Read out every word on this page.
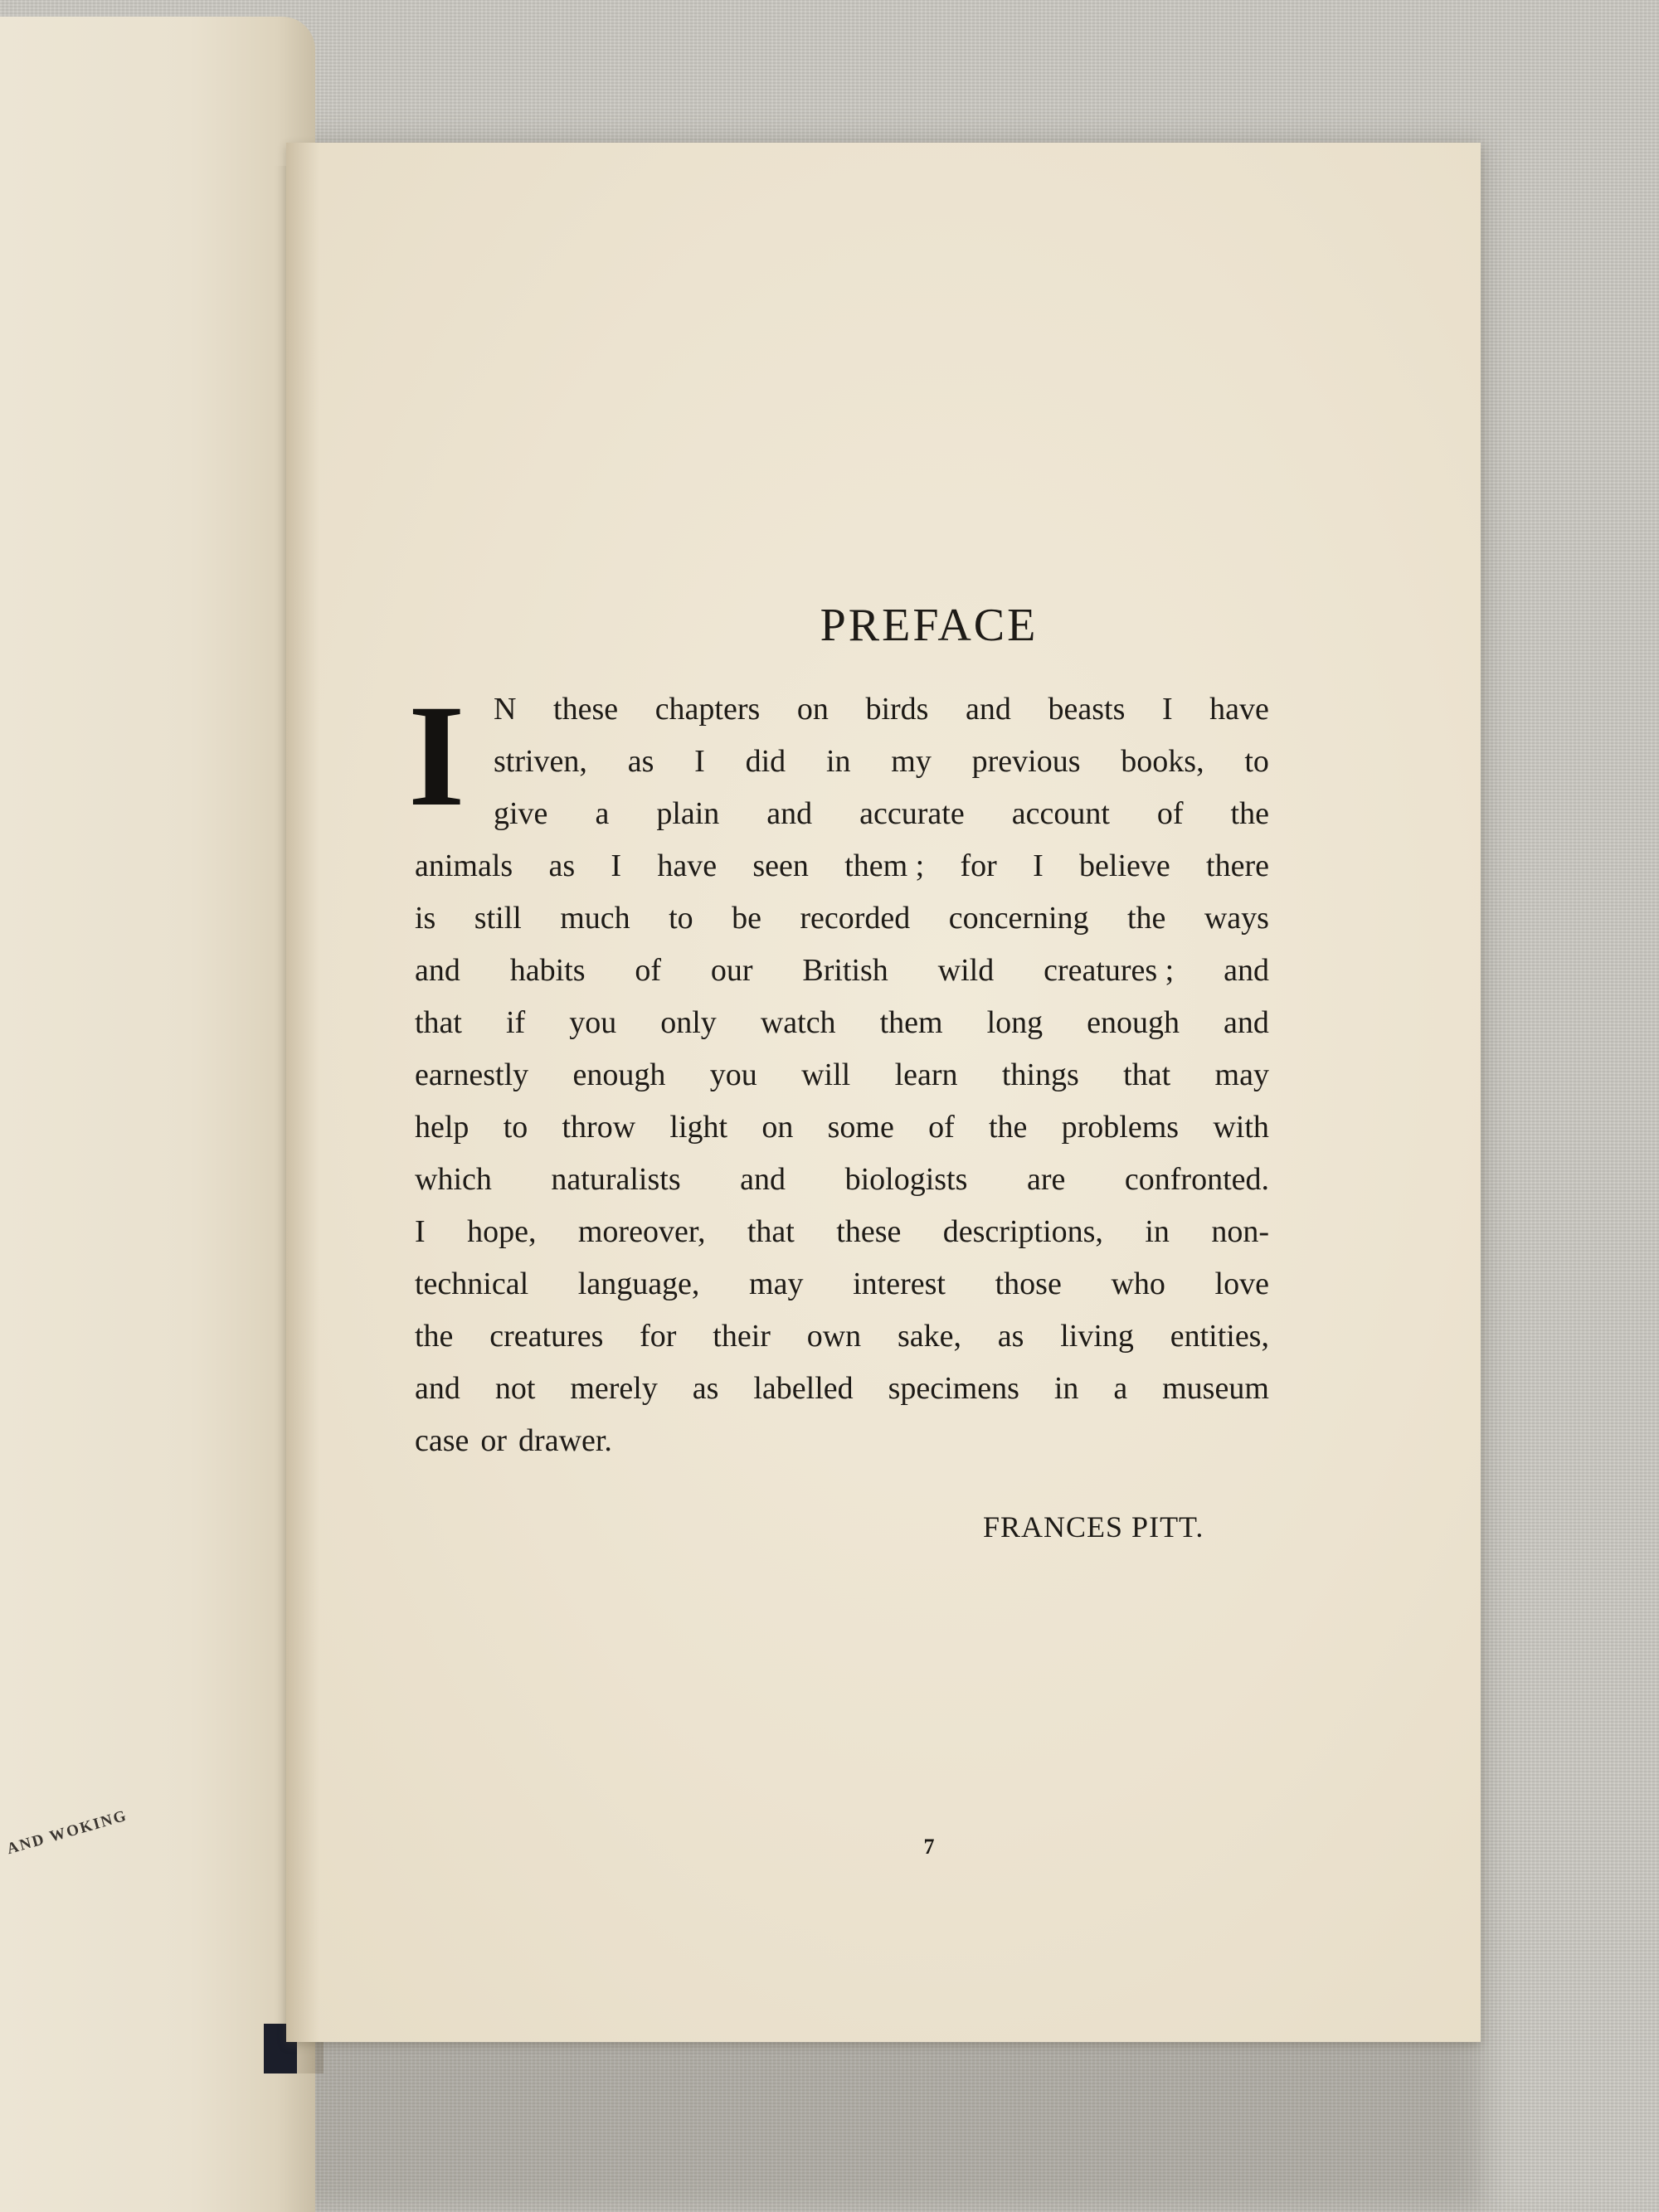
AND WOKING
PREFACE
I N these chapters on birds and beasts I have
striven, as I did in my previous books, to
give a plain and accurate account of the
animals as I have seen them ; for I believe there
is still much to be recorded concerning the ways
and habits of our British wild creatures ; and
that if you only watch them long enough and
earnestly enough you will learn things that may
help to throw light on some of the problems with
which naturalists and biologists are confronted.
I hope, moreover, that these descriptions, in non-
technical language, may interest those who love
the creatures for their own sake, as living entities,
and not merely as labelled specimens in a museum
case or drawer.
FRANCES PITT.
7
